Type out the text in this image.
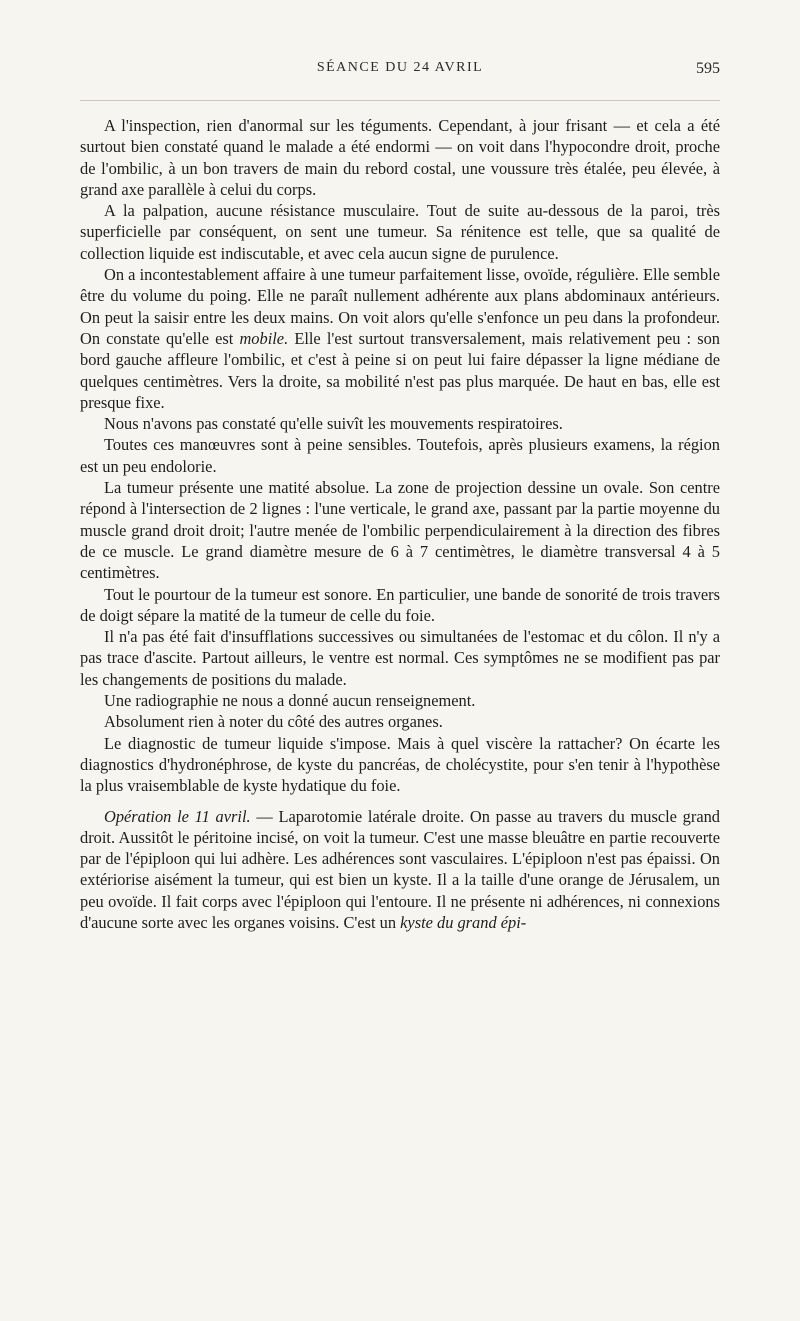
SÉANCE DU 24 AVRIL	595

A l'inspection, rien d'anormal sur les téguments. Cependant, à jour frisant — et cela a été surtout bien constaté quand le malade a été endormi — on voit dans l'hypocondre droit, proche de l'ombilic, à un bon travers de main du rebord costal, une voussure très étalée, peu élevée, à grand axe parallèle à celui du corps.

A la palpation, aucune résistance musculaire. Tout de suite au-dessous de la paroi, très superficielle par conséquent, on sent une tumeur. Sa rénitence est telle, que sa qualité de collection liquide est indiscutable, et avec cela aucun signe de purulence.

On a incontestablement affaire à une tumeur parfaitement lisse, ovoïde, régulière. Elle semble être du volume du poing. Elle ne paraît nullement adhérente aux plans abdominaux antérieurs. On peut la saisir entre les deux mains. On voit alors qu'elle s'enfonce un peu dans la profondeur. On constate qu'elle est mobile. Elle l'est surtout transversalement, mais relativement peu : son bord gauche affleure l'ombilic, et c'est à peine si on peut lui faire dépasser la ligne médiane de quelques centimètres. Vers la droite, sa mobilité n'est pas plus marquée. De haut en bas, elle est presque fixe.

Nous n'avons pas constaté qu'elle suivît les mouvements respiratoires.

Toutes ces manœuvres sont à peine sensibles. Toutefois, après plusieurs examens, la région est un peu endolorie.

La tumeur présente une matité absolue. La zone de projection dessine un ovale. Son centre répond à l'intersection de 2 lignes : l'une verticale, le grand axe, passant par la partie moyenne du muscle grand droit droit; l'autre menée de l'ombilic perpendiculairement à la direction des fibres de ce muscle. Le grand diamètre mesure de 6 à 7 centimètres, le diamètre transversal 4 à 5 centimètres.

Tout le pourtour de la tumeur est sonore. En particulier, une bande de sonorité de trois travers de doigt sépare la matité de la tumeur de celle du foie.

Il n'a pas été fait d'insufflations successives ou simultanées de l'estomac et du côlon. Il n'y a pas trace d'ascite. Partout ailleurs, le ventre est normal. Ces symptômes ne se modifient pas par les changements de positions du malade.

Une radiographie ne nous a donné aucun renseignement.

Absolument rien à noter du côté des autres organes.

Le diagnostic de tumeur liquide s'impose. Mais à quel viscère la rattacher? On écarte les diagnostics d'hydronéphrose, de kyste du pancréas, de cholécystite, pour s'en tenir à l'hypothèse la plus vraisemblable de kyste hydatique du foie.

Opération le 11 avril. — Laparotomie latérale droite. On passe au travers du muscle grand droit. Aussitôt le péritoine incisé, on voit la tumeur. C'est une masse bleuâtre en partie recouverte par de l'épiploon qui lui adhère. Les adhérences sont vasculaires. L'épiploon n'est pas épaissi. On extériorise aisément la tumeur, qui est bien un kyste. Il a la taille d'une orange de Jérusalem, un peu ovoïde. Il fait corps avec l'épiploon qui l'entoure. Il ne présente ni adhérences, ni connexions d'aucune sorte avec les organes voisins. C'est un kyste du grand épi-
